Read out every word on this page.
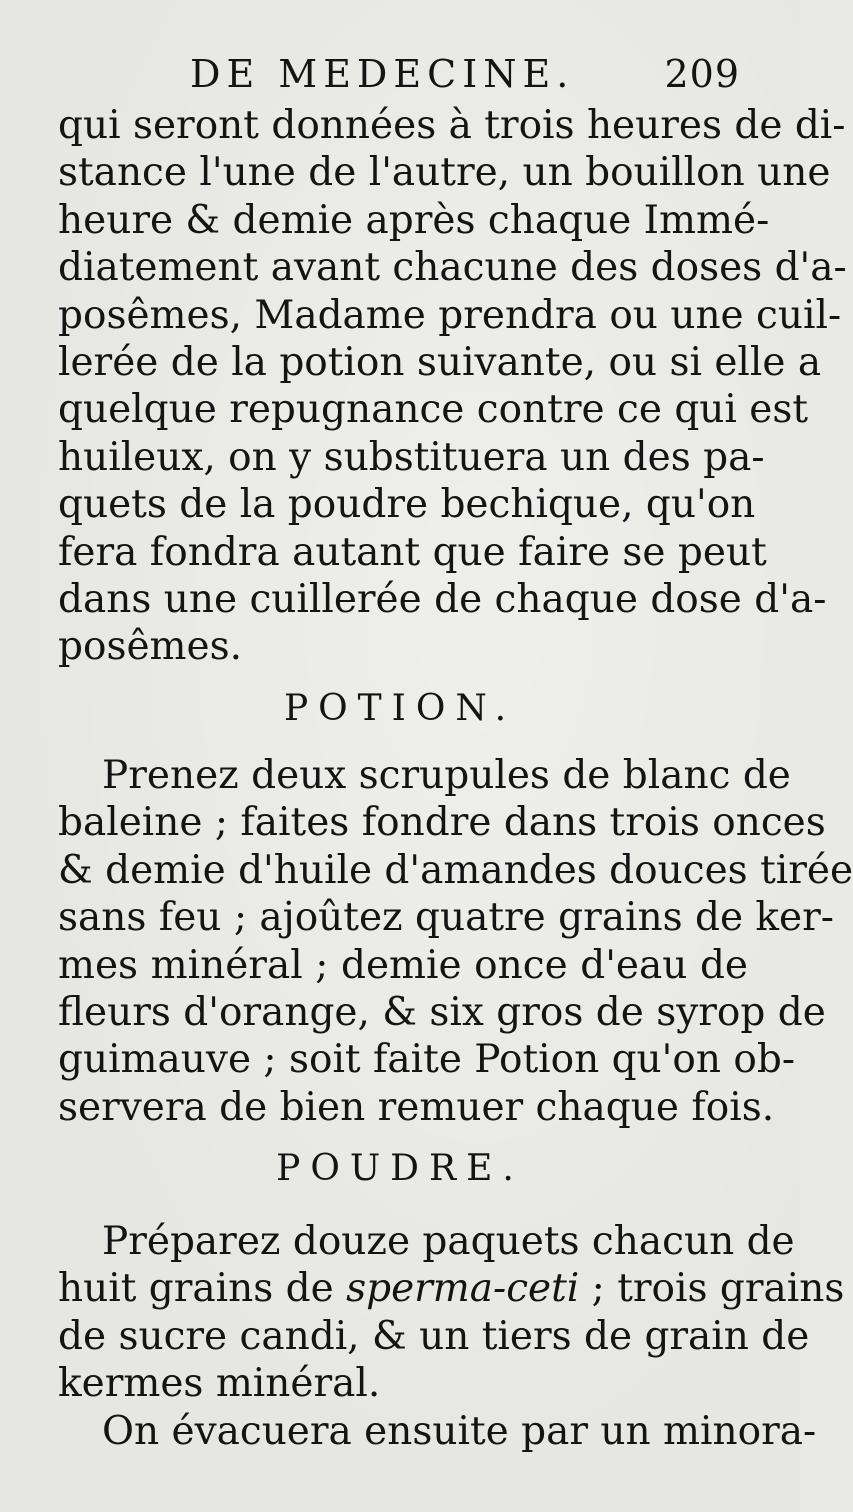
DE MEDECINE. 209
qui seront données à trois heures de di-
stance l'une de l'autre, un bouillon une
heure & demie après chaque Immé-
diatement avant chacune des doses d'a-
posêmes, Madame prendra ou une cuil-
lerée de la potion suivante, ou si elle a
quelque repugnance contre ce qui est
huileux, on y substituera un des pa-
quets de la poudre bechique, qu'on
fera fondra autant que faire se peut
dans une cuillerée de chaque dose d'a-
posêmes.
POTION.
Prenez deux scrupules de blanc de
baleine ; faites fondre dans trois onces
& demie d'huile d'amandes douces tirée
sans feu ; ajoûtez quatre grains de ker-
mes minéral ; demie once d'eau de
fleurs d'orange, & six gros de syrop de
guimauve ; soit faite Potion qu'on ob-
servera de bien remuer chaque fois.
POUDRE.
Préparez douze paquets chacun de
huit grains de sperma-ceti ; trois grains
de sucre candi, & un tiers de grain de
kermes minéral.
On évacuera ensuite par un minora-
